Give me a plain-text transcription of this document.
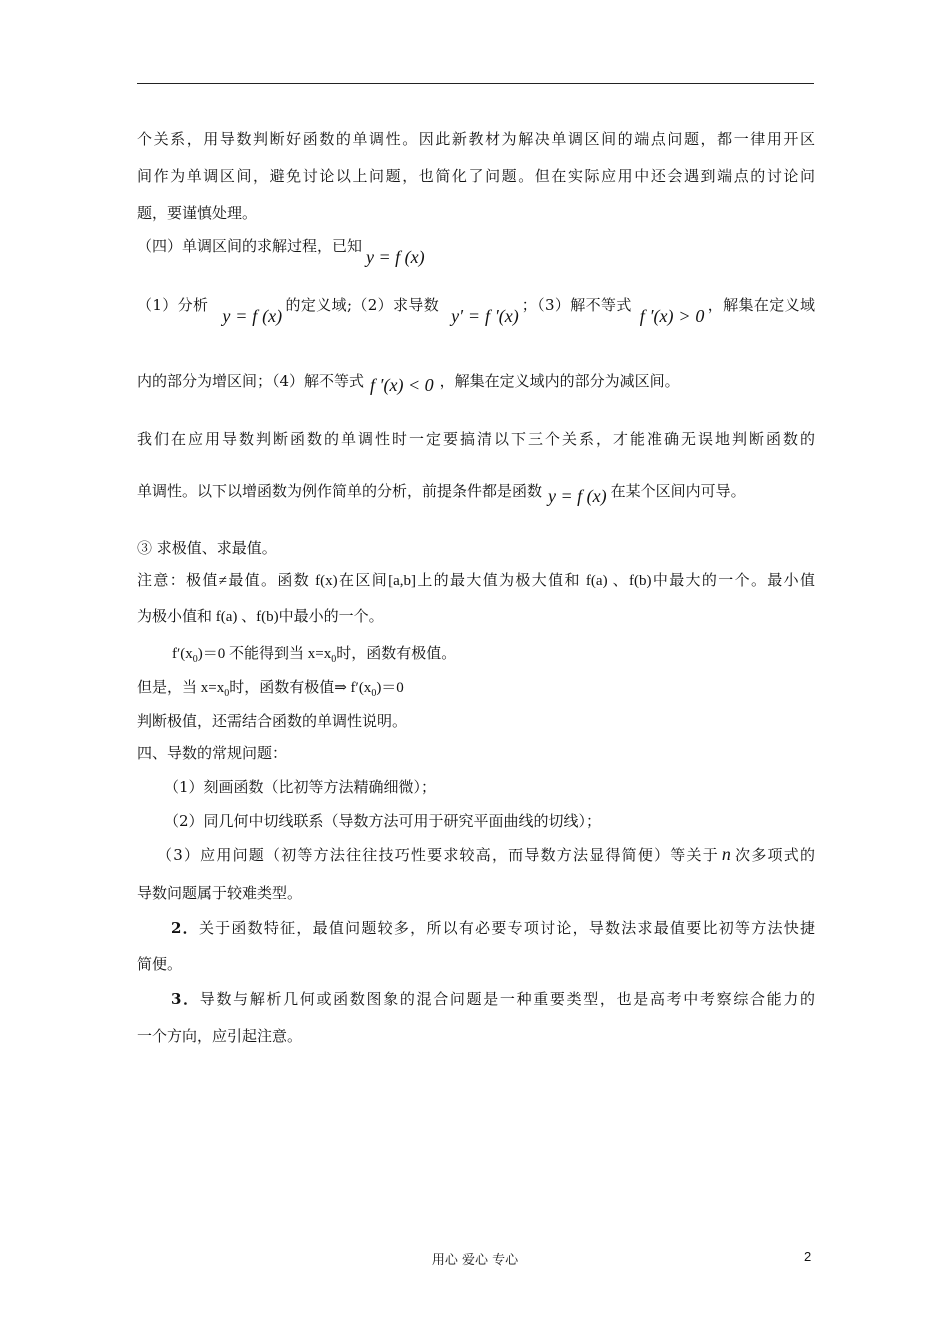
个关系，用导数判断好函数的单调性。因此新教材为解决单调区间的端点问题，都一律用开区
间作为单调区间，避免讨论以上问题，也简化了问题。但在实际应用中还会遇到端点的讨论问
题，要谨慎处理。
（四）单调区间的求解过程，已知y = f (x)
（1）分析y = f (x)的定义域;（2）求导数y′ = f ′(x)；（3）解不等式f ′(x) > 0，解集在定义域
内的部分为增区间；（4）解不等式 f ′(x) < 0 ，解集在定义域内的部分为减区间。
我们在应用导数判断函数的单调性时一定要搞清以下三个关系，才能准确无误地判断函数的
单调性。以下以增函数为例作简单的分析，前提条件都是函数 y = f (x) 在某个区间内可导。
③ 求极值、求最值。
注意：极值≠最值。函数 f(x)在区间[a,b]上的最大值为极大值和 f(a) 、f(b)中最大的一个。最小值
为极小值和 f(a) 、f(b)中最小的一个。
$f'(x_0)=0$ 不能得到当 $x=x_0$时，函数有极值。
但是，当 $x=x_0$时，函数有极值⇒ $f'(x_0)=0$
判断极值，还需结合函数的单调性说明。
四、导数的常规问题：
（1）刻画函数（比初等方法精确细微）；
（2）同几何中切线联系（导数方法可用于研究平面曲线的切线）；
（3）应用问题（初等方法往往技巧性要求较高，而导数方法显得简便）等关于 n 次多项式的
导数问题属于较难类型。
2．关于函数特征，最值问题较多，所以有必要专项讨论，导数法求最值要比初等方法快捷
简便。
3．导数与解析几何或函数图象的混合问题是一种重要类型，也是高考中考察综合能力的
一个方向，应引起注意。
用心 爱心 专心	2
